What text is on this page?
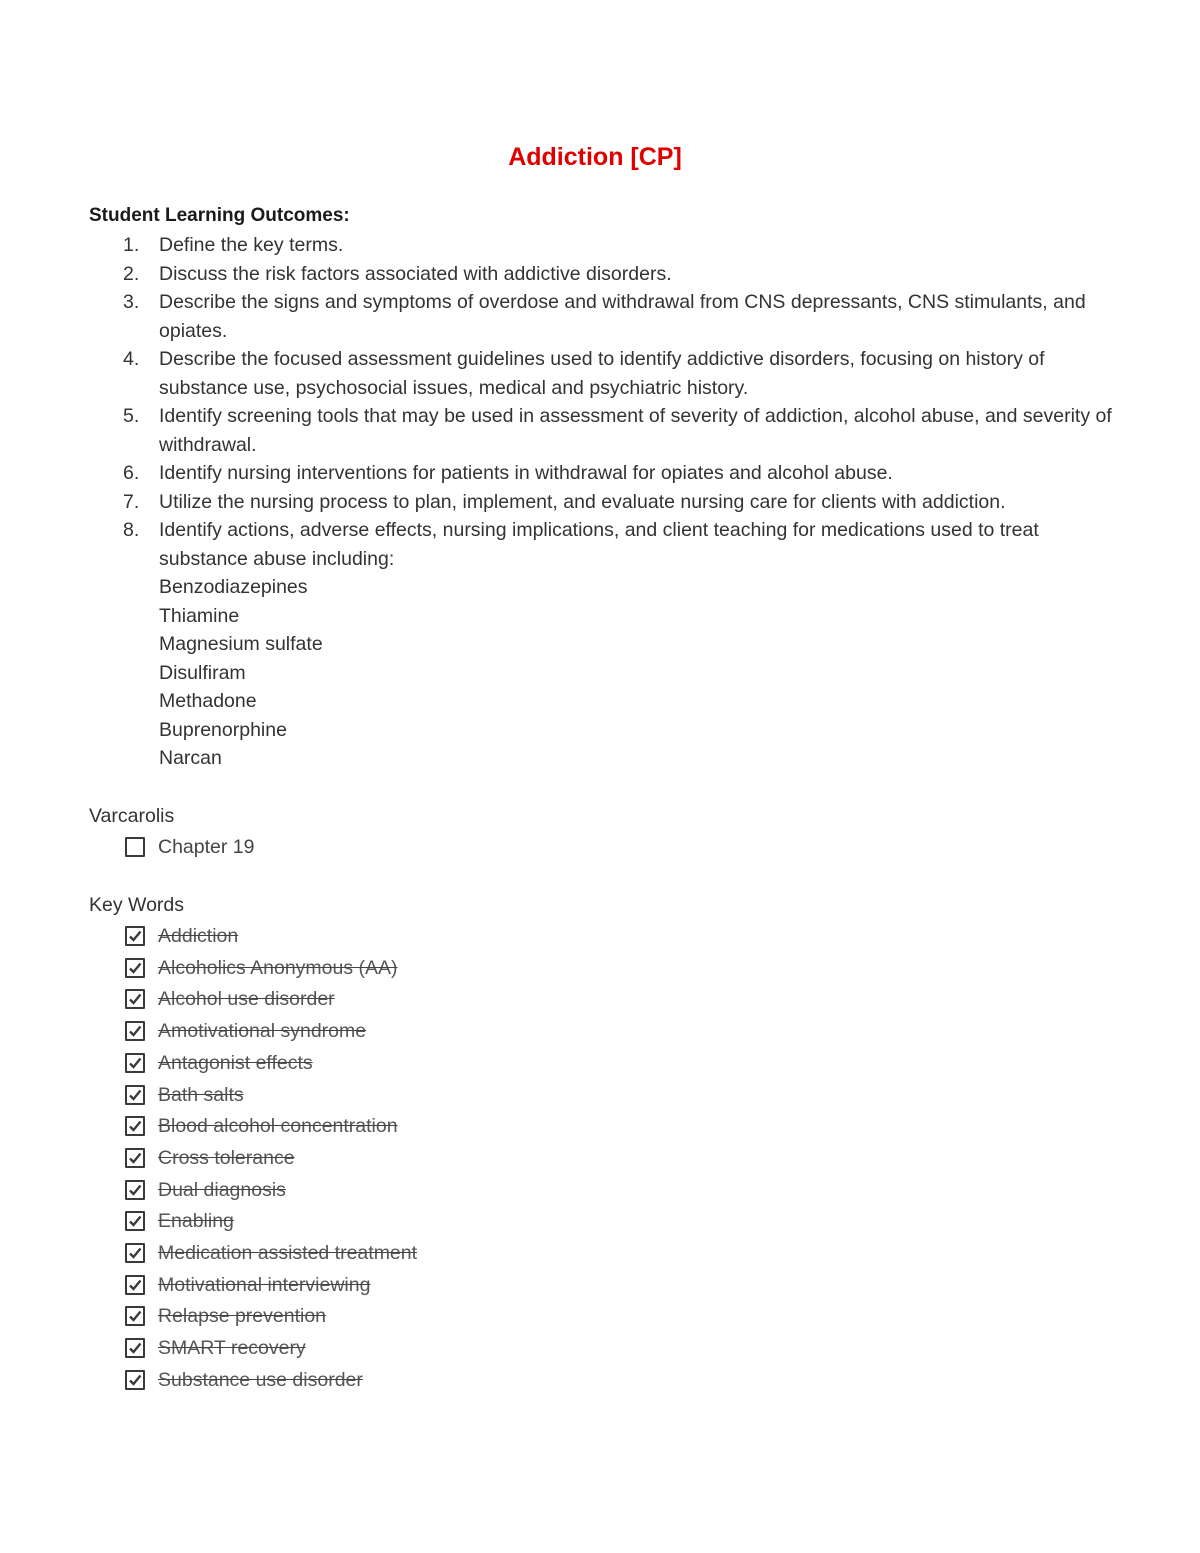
Addiction [CP]
Student Learning Outcomes:
1.	Define the key terms.
2.	Discuss the risk factors associated with addictive disorders.
3.	Describe the signs and symptoms of overdose and withdrawal from CNS depressants, CNS stimulants, and opiates.
4.	Describe the focused assessment guidelines used to identify addictive disorders, focusing on history of substance use, psychosocial issues, medical and psychiatric history.
5.	Identify screening tools that may be used in assessment of severity of addiction, alcohol abuse, and severity of withdrawal.
6.	Identify nursing interventions for patients in withdrawal for opiates and alcohol abuse.
7.	Utilize the nursing process to plan, implement, and evaluate nursing care for clients with addiction.
8.	Identify actions, adverse effects, nursing implications, and client teaching for medications used to treat substance abuse including:
Benzodiazepines
Thiamine
Magnesium sulfate
Disulfiram
Methadone
Buprenorphine
Narcan
Varcarolis
Chapter 19
Key Words
Addiction
Alcoholics Anonymous (AA)
Alcohol use disorder
Amotivational syndrome
Antagonist effects
Bath salts
Blood alcohol concentration
Cross tolerance
Dual diagnosis
Enabling
Medication assisted treatment
Motivational interviewing
Relapse prevention
SMART recovery
Substance use disorder
